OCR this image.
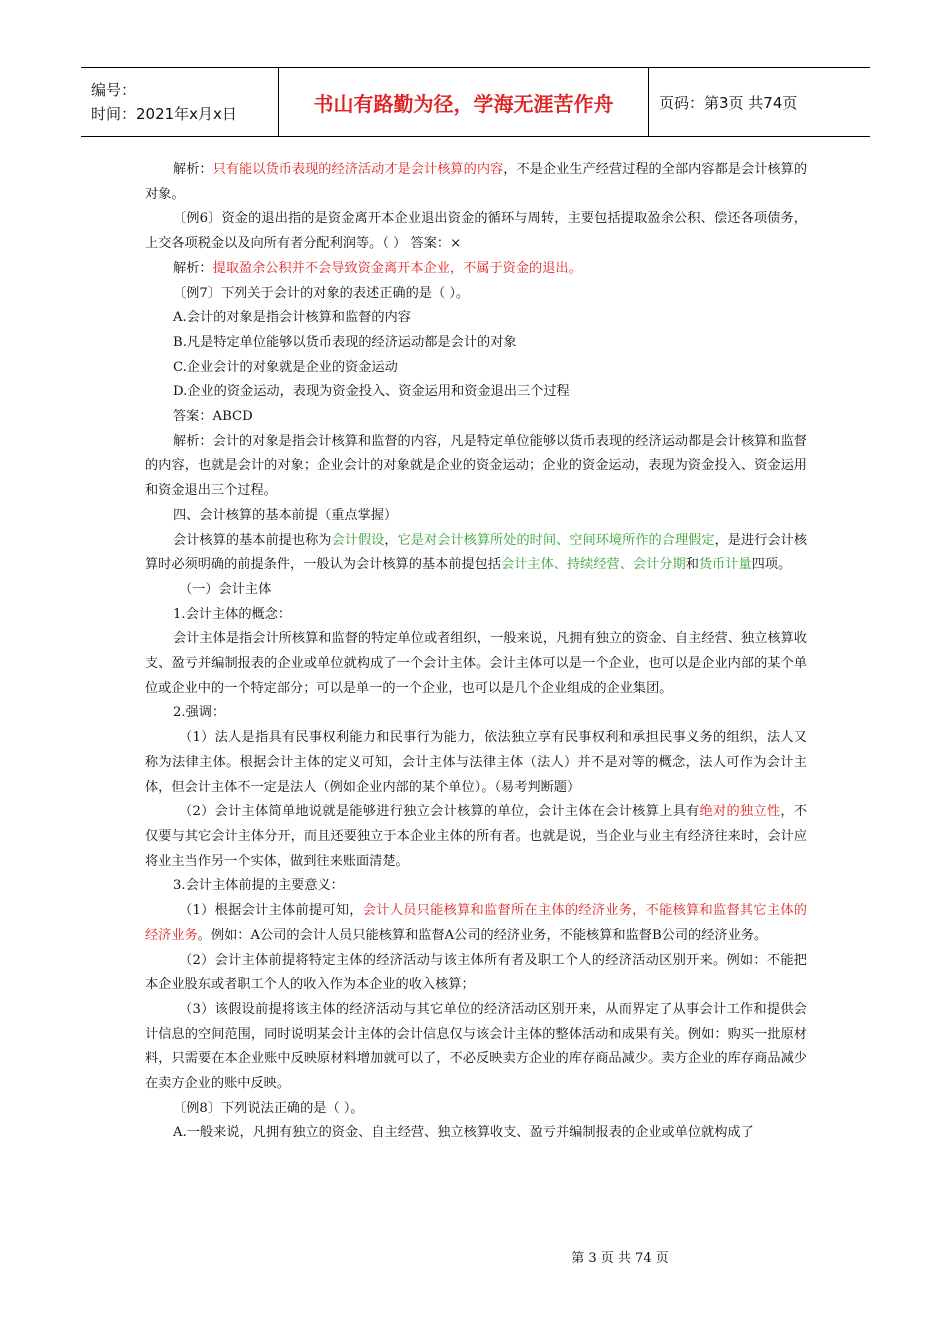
编号：
时间：2021年x月x日	书山有路勤为径，学海无涯苦作舟	页码：第3页 共74页

解析：只有能以货币表现的经济活动才是会计核算的内容，不是企业生产经营过程的全部内容都是会计核算的对象。

〔例6〕资金的退出指的是资金离开本企业退出资金的循环与周转，主要包括提取盈余公积、偿还各项债务，上交各项税金以及向所有者分配利润等。（ ） 答案：×

解析：提取盈余公积并不会导致资金离开本企业，不属于资金的退出。

〔例7〕下列关于会计的对象的表述正确的是（ ）。

A.会计的对象是指会计核算和监督的内容

B.凡是特定单位能够以货币表现的经济运动都是会计的对象

C.企业会计的对象就是企业的资金运动

D.企业的资金运动，表现为资金投入、资金运用和资金退出三个过程

答案：ABCD

解析：会计的对象是指会计核算和监督的内容，凡是特定单位能够以货币表现的经济运动都是会计核算和监督的内容，也就是会计的对象；企业会计的对象就是企业的资金运动；企业的资金运动，表现为资金投入、资金运用和资金退出三个过程。

四、会计核算的基本前提（重点掌握）

会计核算的基本前提也称为会计假设，它是对会计核算所处的时间、空间环境所作的合理假定，是进行会计核算时必须明确的前提条件，一般认为会计核算的基本前提包括会计主体、持续经营、会计分期和货币计量四项。

（一）会计主体

1.会计主体的概念：

会计主体是指会计所核算和监督的特定单位或者组织，一般来说，凡拥有独立的资金、自主经营、独立核算收支、盈亏并编制报表的企业或单位就构成了一个会计主体。会计主体可以是一个企业，也可以是企业内部的某个单位或企业中的一个特定部分；可以是单一的一个企业，也可以是几个企业组成的企业集团。

2.强调：

（1）法人是指具有民事权利能力和民事行为能力，依法独立享有民事权利和承担民事义务的组织，法人又称为法律主体。根据会计主体的定义可知，会计主体与法律主体（法人）并不是对等的概念，法人可作为会计主体，但会计主体不一定是法人（例如企业内部的某个单位）。（易考判断题）

（2）会计主体简单地说就是能够进行独立会计核算的单位，会计主体在会计核算上具有绝对的独立性，不仅要与其它会计主体分开，而且还要独立于本企业主体的所有者。也就是说，当企业与业主有经济往来时，会计应将业主当作另一个实体，做到往来账面清楚。

3.会计主体前提的主要意义：

（1）根据会计主体前提可知，会计人员只能核算和监督所在主体的经济业务，不能核算和监督其它主体的经济业务。例如：A公司的会计人员只能核算和监督A公司的经济业务，不能核算和监督B公司的经济业务。

（2）会计主体前提将特定主体的经济活动与该主体所有者及职工个人的经济活动区别开来。例如：不能把本企业股东或者职工个人的收入作为本企业的收入核算；

（3）该假设前提将该主体的经济活动与其它单位的经济活动区别开来，从而界定了从事会计工作和提供会计信息的空间范围，同时说明某会计主体的会计信息仅与该会计主体的整体活动和成果有关。例如：购买一批原材料，只需要在本企业账中反映原材料增加就可以了，不必反映卖方企业的库存商品减少。卖方企业的库存商品减少在卖方企业的账中反映。

〔例8〕下列说法正确的是（ ）。

A.一般来说，凡拥有独立的资金、自主经营、独立核算收支、盈亏并编制报表的企业或单位就构成了

第 3 页 共 74 页
